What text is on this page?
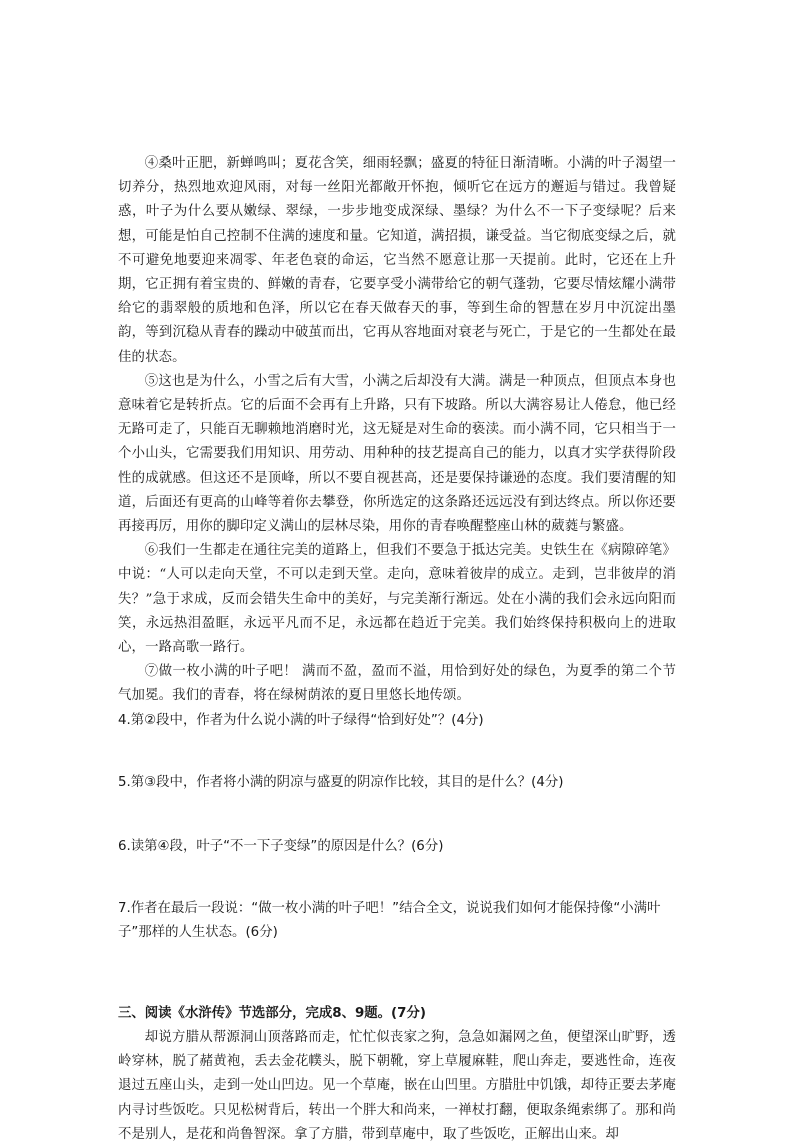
④桑叶正肥，新蝉鸣叫；夏花含笑，细雨轻飘；盛夏的特征日渐清晰。小满的叶子渴望一切养分，热烈地欢迎风雨，对每一丝阳光都敞开怀抱，倾听它在远方的邂逅与错过。我曾疑惑，叶子为什么要从嫩绿、翠绿，一步步地变成深绿、墨绿？为什么不一下子变绿呢？后来想，可能是怕自己控制不住满的速度和量。它知道，满招损，谦受益。当它彻底变绿之后，就不可避免地要迎来凋零、年老色衰的命运，它当然不愿意让那一天提前。此时，它还在上升期，它正拥有着宝贵的、鲜嫩的青春，它要享受小满带给它的朝气蓬勃，它要尽情炫耀小满带给它的翡翠般的质地和色泽，所以它在春天做春天的事，等到生命的智慧在岁月中沉淀出墨韵，等到沉稳从青春的躁动中破茧而出，它再从容地面对衰老与死亡，于是它的一生都处在最佳的状态。

⑤这也是为什么，小雪之后有大雪，小满之后却没有大满。满是一种顶点，但顶点本身也意味着它是转折点。它的后面不会再有上升路，只有下坡路。所以大满容易让人倦怠，他已经无路可走了，只能百无聊赖地消磨时光，这无疑是对生命的亵渎。而小满不同，它只相当于一个小山头，它需要我们用知识、用劳动、用种种的技艺提高自己的能力，以真才实学获得阶段性的成就感。但这还不是顶峰，所以不要自视甚高，还是要保持谦逊的态度。我们要清醒的知道，后面还有更高的山峰等着你去攀登，你所选定的这条路还远远没有到达终点。所以你还要再接再厉，用你的脚印定义满山的层林尽染，用你的青春唤醒整座山林的葳蕤与繁盛。

⑥我们一生都走在通往完美的道路上，但我们不要急于抵达完美。史铁生在《病隙碎笔》中说：“人可以走向天堂，不可以走到天堂。走向，意味着彼岸的成立。走到，岂非彼岸的消失？”急于求成，反而会错失生命中的美好，与完美渐行渐远。处在小满的我们会永远向阳而笑，永远热泪盈眶，永远平凡而不足，永远都在趋近于完美。我们始终保持积极向上的进取心，一路高歌一路行。

⑦做一枚小满的叶子吧！ 满而不盈，盈而不溢，用恰到好处的绿色，为夏季的第二个节气加冕。我们的青春，将在绿树荫浓的夏日里悠长地传颂。

4.第②段中，作者为什么说小满的叶子绿得“恰到好处”？(4分)

5.第③段中，作者将小满的阴凉与盛夏的阴凉作比较，其目的是什么？(4分)

6.读第④段，叶子“不一下子变绿”的原因是什么？(6分)

7.作者在最后一段说：“做一枚小满的叶子吧！”结合全文，说说我们如何才能保持像“小满叶子”那样的人生状态。(6分)

三、阅读《水浒传》节选部分，完成8、9题。(7分)

却说方腊从帮源洞山顶落路而走，忙忙似丧家之狗，急急如漏网之鱼，便望深山旷野，透岭穿林，脱了赭黄袍，丢去金花幞头，脱下朝靴，穿上草履麻鞋，爬山奔走，要逃性命，连夜退过五座山头，走到一处山凹边。见一个草庵，嵌在山凹里。方腊肚中饥饿，却待正要去茅庵内寻讨些饭吃。只见松树背后，转出一个胖大和尚来，一禅杖打翻，便取条绳索绑了。那和尚不是别人，是花和尚鲁智深。拿了方腊，带到草庵中，取了些饭吃，正解出山来。却
